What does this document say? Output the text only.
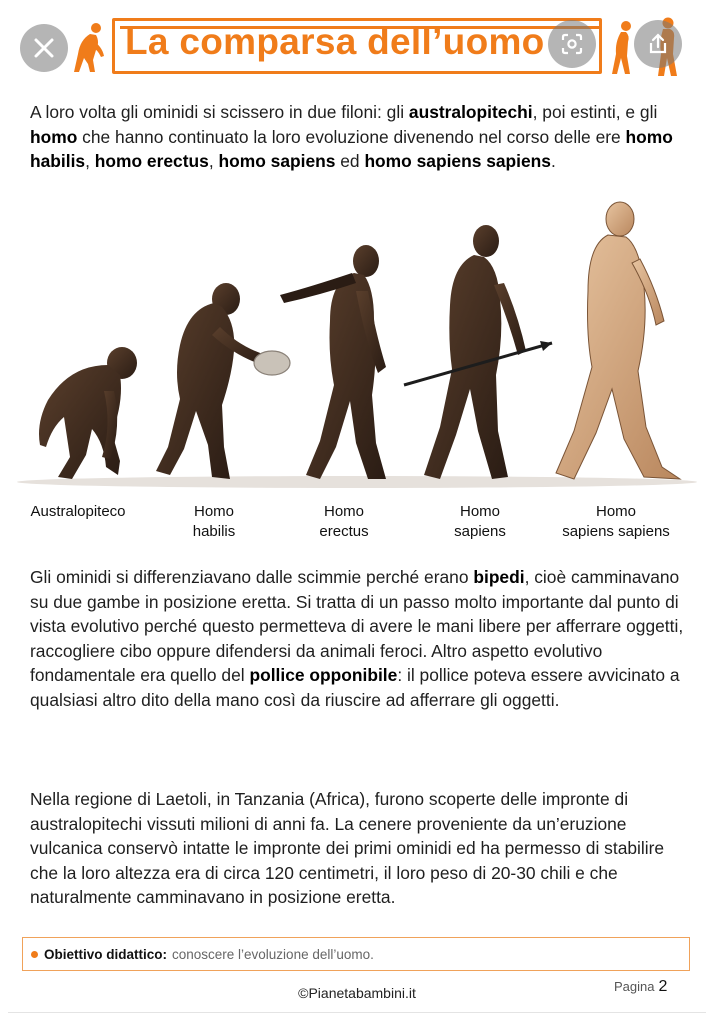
La comparsa dell’uomo

A loro volta gli ominidi si scissero in due filoni: gli australopitechi, poi estinti, e gli homo che hanno continuato la loro evoluzione divenendo nel corso delle ere homo habilis, homo erectus, homo sapiens ed homo sapiens sapiens.

Australopiteco	Homo
habilis
Homo
erectus
Homo
sapiens
Homo
sapiens sapiens

Gli ominidi si differenziavano dalle scimmie perché erano bipedi, cioè camminavano su due gambe in posizione eretta. Si tratta di un passo molto importante dal punto di vista evolutivo perché questo permetteva di avere le mani libere per afferrare oggetti, raccogliere cibo oppure difendersi da animali feroci. Altro aspetto evolutivo fondamentale era quello del pollice opponibile: il pollice poteva essere avvicinato a qualsiasi altro dito della mano così da riuscire ad afferrare gli oggetti.

Nella regione di Laetoli, in Tanzania (Africa), furono scoperte delle impronte di australopitechi vissuti milioni di anni fa. La cenere proveniente da un’eruzione vulcanica conservò intatte le impronte dei primi ominidi ed ha permesso di stabilire che la loro altezza era di circa 120 centimetri, il loro peso di 20-30 chili e che naturalmente camminavano in posizione eretta.

Obiettivo didattico: conoscere l’evoluzione dell’uomo.
©Pianetabambini.it	Pagina 2
